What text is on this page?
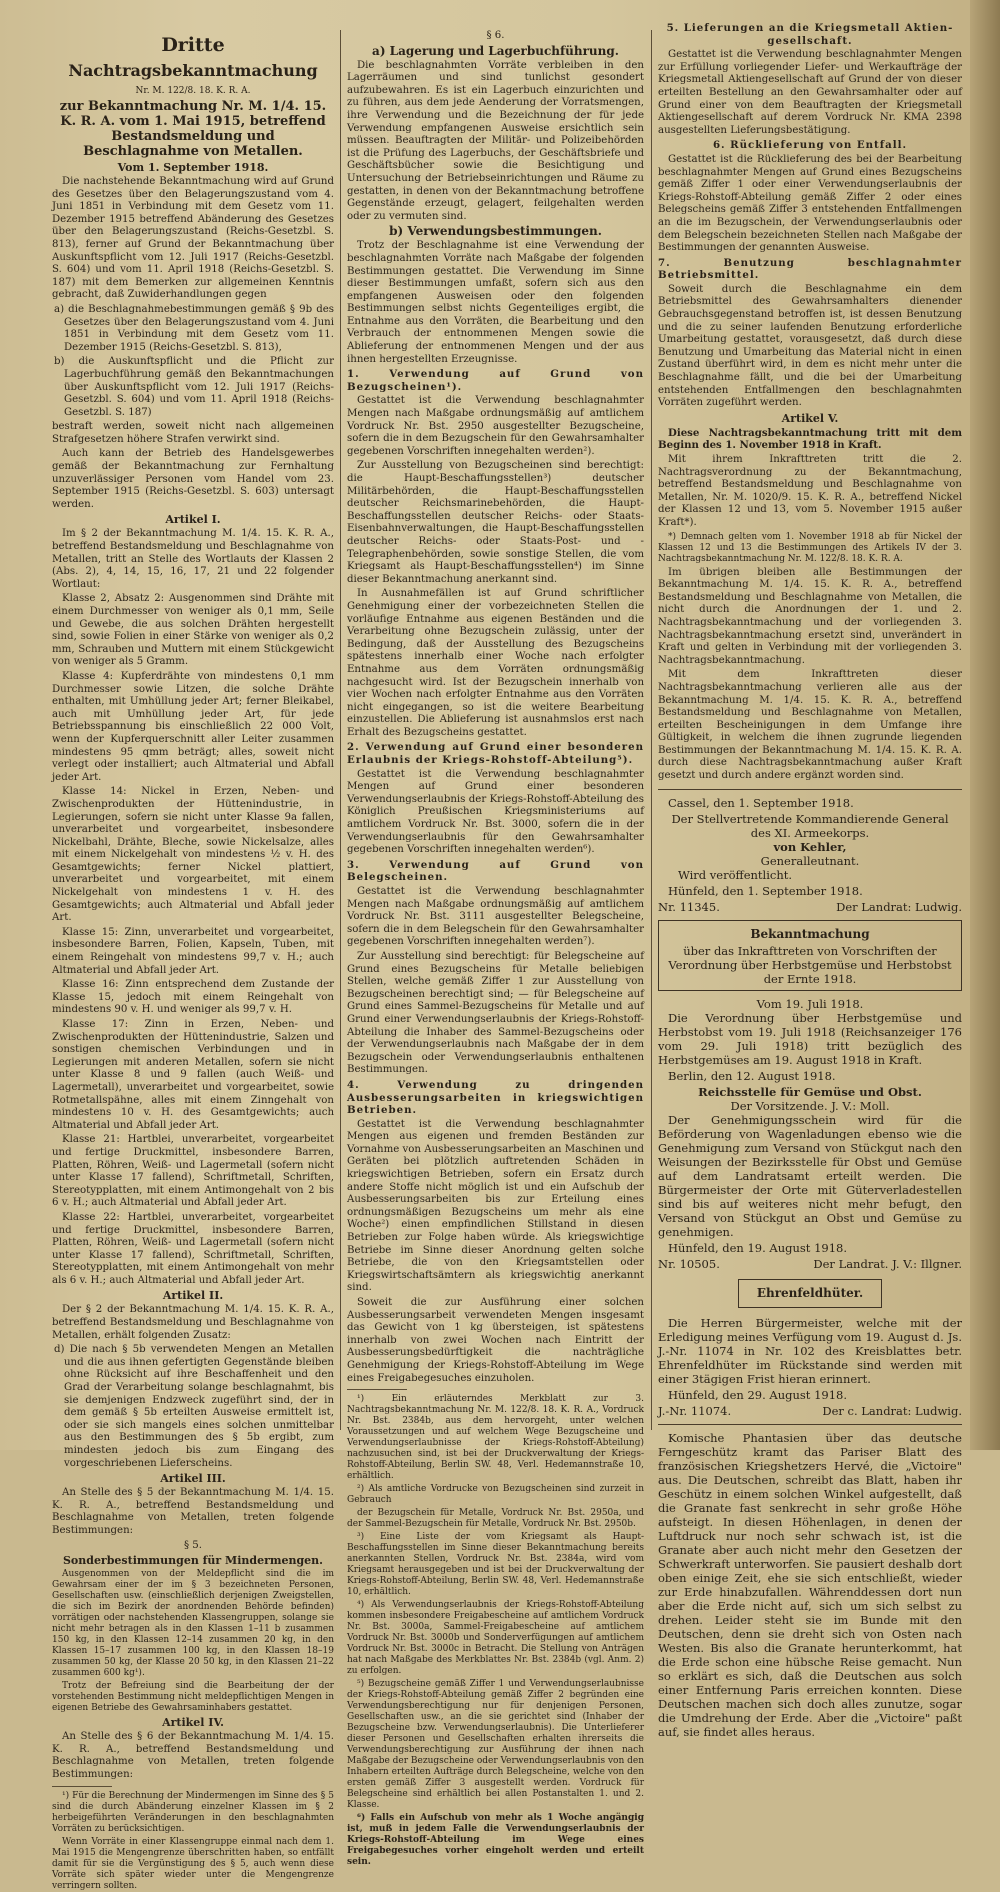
Dritte
Nachtragsbekanntmachung
Nr. M. 122/8. 18. K. R. A.
zur Bekanntmachung Nr. M. 1/4. 15. K. R. A. vom 1. Mai 1915, betreffend Bestandsmeldung und Beschlagnahme von Metallen.
Vom 1. September 1918.

Die nachstehende Bekanntmachung wird auf Grund des Gesetzes über den Belagerungszustand vom 4. Juni 1851 in Verbindung mit dem Gesetz vom 11. Dezember 1915 betreffend Abänderung des Gesetzes über den Belagerungszustand (Reichs-Gesetzbl. S. 813), ferner auf Grund der Bekanntmachung über Auskunftspflicht vom 12. Juli 1917 (Reichs-Gesetzbl. S. 604) und vom 11. April 1918 (Reichs-Gesetzbl. S. 187) mit dem Bemerken zur allgemeinen Kenntnis gebracht, daß Zuwiderhandlungen gegen

a) die Beschlagnahmebestimmungen gemäß § 9b des Gesetzes über den Belagerungszustand vom 4. Juni 1851 in Verbindung mit dem Gesetz vom 11. Dezember 1915 (Reichs-Gesetzbl. S. 813),

b) die Auskunftspflicht und die Pflicht zur Lagerbuchführung gemäß den Bekanntmachungen über Auskunftspflicht vom 12. Juli 1917 (Reichs-Gesetzbl. S. 604) und vom 11. April 1918 (Reichs-Gesetzbl. S. 187)

bestraft werden, soweit nicht nach allgemeinen Strafgesetzen höhere Strafen verwirkt sind.

Auch kann der Betrieb des Handelsgewerbes gemäß der Bekanntmachung zur Fernhaltung unzuverlässiger Personen vom Handel vom 23. September 1915 (Reichs-Gesetzbl. S. 603) untersagt werden.

Artikel I.

Im § 2 der Bekanntmachung M. 1/4. 15. K. R. A., betreffend Bestandsmeldung und Beschlagnahme von Metallen, tritt an Stelle des Wortlauts der Klassen 2 (Abs. 2), 4, 14, 15, 16, 17, 21 und 22 folgender Wortlaut:

Klasse 2, Absatz 2: Ausgenommen sind Drähte mit einem Durchmesser von weniger als 0,1 mm, Seile und Gewebe, die aus solchen Drähten hergestellt sind, sowie Folien in einer Stärke von weniger als 0,2 mm, Schrauben und Muttern mit einem Stückgewicht von weniger als 5 Gramm.

Klasse 4: Kupferdrähte von mindestens 0,1 mm Durchmesser sowie Litzen, die solche Drähte enthalten, mit Umhüllung jeder Art; ferner Bleikabel, auch mit Umhüllung jeder Art, für jede Betriebsspannung bis einschließlich 22 000 Volt, wenn der Kupferquerschnitt aller Leiter zusammen mindestens 95 qmm beträgt; alles, soweit nicht verlegt oder installiert; auch Altmaterial und Abfall jeder Art.

Klasse 14: Nickel in Erzen, Neben- und Zwischenprodukten der Hüttenindustrie, in Legierungen, sofern sie nicht unter Klasse 9a fallen, unverarbeitet und vorgearbeitet, insbesondere Nickelbahl, Drähte, Bleche, sowie Nickelsalze, alles mit einem Nickelgehalt von mindestens ½ v. H. des Gesamtgewichts; ferner Nickel plattiert, unverarbeitet und vorgearbeitet, mit einem Nickelgehalt von mindestens 1 v. H. des Gesamtgewichts; auch Altmaterial und Abfall jeder Art.

Klasse 15: Zinn, unverarbeitet und vorgearbeitet, insbesondere Barren, Folien, Kapseln, Tuben, mit einem Reingehalt von mindestens 99,7 v. H.; auch Altmaterial und Abfall jeder Art.

Klasse 16: Zinn entsprechend dem Zustande der Klasse 15, jedoch mit einem Reingehalt von mindestens 90 v. H. und weniger als 99,7 v. H.

Klasse 17: Zinn in Erzen, Neben- und Zwischenprodukten der Hüttenindustrie, Salzen und sonstigen chemischen Verbindungen und in Legierungen mit anderen Metallen, sofern sie nicht unter Klasse 8 und 9 fallen (auch Weiß- und Lagermetall), unverarbeitet und vorgearbeitet, sowie Rotmetallspähne, alles mit einem Zinngehalt von mindestens 10 v. H. des Gesamtgewichts; auch Altmaterial und Abfall jeder Art.

Klasse 21: Hartblei, unverarbeitet, vorgearbeitet und fertige Druckmittel, insbesondere Barren, Platten, Röhren, Weiß- und Lagermetall (sofern nicht unter Klasse 17 fallend), Schriftmetall, Schriften, Stereotypplatten, mit einem Antimongehalt von 2 bis 6 v. H.; auch Altmaterial und Abfall jeder Art.

Klasse 22: Hartblei, unverarbeitet, vorgearbeitet und fertige Druckmittel, insbesondere Barren, Platten, Röhren, Weiß- und Lagermetall (sofern nicht unter Klasse 17 fallend), Schriftmetall, Schriften, Stereotypplatten, mit einem Antimongehalt von mehr als 6 v. H.; auch Altmaterial und Abfall jeder Art.

Artikel II.

Der § 2 der Bekanntmachung M. 1/4. 15. K. R. A., betreffend Bestandsmeldung und Beschlagnahme von Metallen, erhält folgenden Zusatz:

d) Die nach § 5b verwendeten Mengen an Metallen und die aus ihnen gefertigten Gegenstände bleiben ohne Rücksicht auf ihre Beschaffenheit und den Grad der Verarbeitung solange beschlagnahmt, bis sie demjenigen Endzweck zugeführt sind, der in dem gemäß § 5b erteilten Ausweise ermittelt ist, oder sie sich mangels eines solchen unmittelbar aus den Bestimmungen des § 5b ergibt, zum mindesten jedoch bis zum Eingang des vorgeschriebenen Lieferscheins.

Artikel III.

An Stelle des § 5 der Bekanntmachung M. 1/4. 15. K. R. A., betreffend Bestandsmeldung und Beschlagnahme von Metallen, treten folgende Bestimmungen:

§ 5.
Sonderbestimmungen für Mindermengen.

Ausgenommen von der Meldepflicht sind die im Gewahrsam einer der im § 3 bezeichneten Personen, Gesellschaften usw. (einschließlich derjenigen Zweigstellen, die sich im Bezirk der anordnenden Behörde befinden) vorrätigen oder nachstehenden Klassengruppen, solange sie nicht mehr betragen als in den Klassen 1–11 b zusammen 150 kg, in den Klassen 12–14 zusammen 20 kg, in den Klassen 15–17 zusammen 100 kg, in den Klassen 18–19 zusammen 50 kg, der Klasse 20 50 kg, in den Klassen 21–22 zusammen 600 kg¹).

Trotz der Befreiung sind die Bearbeitung der der vorstehenden Bestimmung nicht meldepflichtigen Mengen in eigenen Betriebe des Gewahrsaminhabers gestattet.

Artikel IV.

An Stelle des § 6 der Bekanntmachung M. 1/4. 15. K. R. A., betreffend Bestandsmeldung und Beschlagnahme von Metallen, treten folgende Bestimmungen:

¹) Für die Berechnung der Mindermengen im Sinne des § 5 sind die durch Abänderung einzelner Klassen im § 2 herbeigeführten Veränderungen in den beschlagnahmten Vorräten zu berücksichtigen.

Wenn Vorräte in einer Klassengruppe einmal nach dem 1. Mai 1915 die Mengengrenze überschritten haben, so entfällt damit für sie die Vergünstigung des § 5, auch wenn diese Vorräte sich später wieder unter die Mengengrenze verringern sollten.

§ 6.
a) Lagerung und Lagerbuchführung.

Die beschlagnahmten Vorräte verbleiben in den Lagerräumen und sind tunlichst gesondert aufzubewahren. Es ist ein Lagerbuch einzurichten und zu führen, aus dem jede Aenderung der Vorratsmengen, ihre Verwendung und die Bezeichnung der für jede Verwendung empfangenen Ausweise ersichtlich sein müssen. Beauftragten der Militär- und Polizeibehörden ist die Prüfung des Lagerbuchs, der Geschäftsbriefe und Geschäftsbücher sowie die Besichtigung und Untersuchung der Betriebseinrichtungen und Räume zu gestatten, in denen von der Bekanntmachung betroffene Gegenstände erzeugt, gelagert, feilgehalten werden oder zu vermuten sind.

b) Verwendungsbestimmungen.

Trotz der Beschlagnahme ist eine Verwendung der beschlagnahmten Vorräte nach Maßgabe der folgenden Bestimmungen gestattet. Die Verwendung im Sinne dieser Bestimmungen umfaßt, sofern sich aus den empfangenen Ausweisen oder den folgenden Bestimmungen selbst nichts Gegenteiliges ergibt, die Entnahme aus den Vorräten, die Bearbeitung und den Verbrauch der entnommenen Mengen sowie die Ablieferung der entnommenen Mengen und der aus ihnen hergestellten Erzeugnisse.

1. Verwendung auf Grund von Bezugscheinen¹).

Gestattet ist die Verwendung beschlagnahmter Mengen nach Maßgabe ordnungsmäßig auf amtlichem Vordruck Nr. Bst. 2950 ausgestellter Bezugscheine, sofern die in dem Bezugschein für den Gewahrsamhalter gegebenen Vorschriften innegehalten werden²).

Zur Ausstellung von Bezugscheinen sind berechtigt: die Haupt-Beschaffungsstellen³) deutscher Militärbehörden, die Haupt-Beschaffungsstellen deutscher Reichsmarinebehörden, die Haupt-Beschaffungsstellen deutscher Reichs- oder Staats-Eisenbahnverwaltungen, die Haupt-Beschaffungsstellen deutscher Reichs- oder Staats-Post- und -Telegraphenbehörden, sowie sonstige Stellen, die vom Kriegsamt als Haupt-Beschaffungsstellen⁴) im Sinne dieser Bekanntmachung anerkannt sind.

In Ausnahmefällen ist auf Grund schriftlicher Genehmigung einer der vorbezeichneten Stellen die vorläufige Entnahme aus eigenen Beständen und die Verarbeitung ohne Bezugschein zulässig, unter der Bedingung, daß der Ausstellung des Bezugscheins spätestens innerhalb einer Woche nach erfolgter Entnahme aus dem Vorräten ordnungsmäßig nachgesucht wird. Ist der Bezugschein innerhalb von vier Wochen nach erfolgter Entnahme aus den Vorräten nicht eingegangen, so ist die weitere Bearbeitung einzustellen. Die Ablieferung ist ausnahmslos erst nach Erhalt des Bezugscheins gestattet.

2. Verwendung auf Grund einer besonderen Erlaubnis der Kriegs-Rohstoff-Abteilung⁵).

Gestattet ist die Verwendung beschlagnahmter Mengen auf Grund einer besonderen Verwendungserlaubnis der Kriegs-Rohstoff-Abteilung des Königlich Preußischen Kriegsministeriums auf amtlichem Vordruck Nr. Bst. 3000, sofern die in der Verwendungserlaubnis für den Gewahrsamhalter gegebenen Vorschriften innegehalten werden⁶).

3. Verwendung auf Grund von Belegscheinen.

Gestattet ist die Verwendung beschlagnahmter Mengen nach Maßgabe ordnungsmäßig auf amtlichem Vordruck Nr. Bst. 3111 ausgestellter Belegscheine, sofern die in dem Belegschein für den Gewahrsamhalter gegebenen Vorschriften innegehalten werden⁷).

Zur Ausstellung sind berechtigt: für Belegscheine auf Grund eines Bezugscheins für Metalle beliebigen Stellen, welche gemäß Ziffer 1 zur Ausstellung von Bezugscheinen berechtigt sind; — für Belegscheine auf Grund eines Sammel-Bezugscheins für Metalle und auf Grund einer Verwendungserlaubnis der Kriegs-Rohstoff-Abteilung die Inhaber des Sammel-Bezugscheins oder der Verwendungserlaubnis nach Maßgabe der in dem Bezugschein oder Verwendungserlaubnis enthaltenen Bestimmungen.

4. Verwendung zu dringenden Ausbesserungsarbeiten in kriegswichtigen Betrieben.

Gestattet ist die Verwendung beschlagnahmter Mengen aus eigenen und fremden Beständen zur Vornahme von Ausbesserungsarbeiten an Maschinen und Geräten bei plötzlich auftretenden Schäden in kriegswichtigen Betrieben, sofern ein Ersatz durch andere Stoffe nicht möglich ist und ein Aufschub der Ausbesserungsarbeiten bis zur Erteilung eines ordnungsmäßigen Bezugscheins um mehr als eine Woche²) einen empfindlichen Stillstand in diesen Betrieben zur Folge haben würde. Als kriegswichtige Betriebe im Sinne dieser Anordnung gelten solche Betriebe, die von den Kriegsamtstellen oder Kriegswirtschaftsämtern als kriegswichtig anerkannt sind.

Soweit die zur Ausführung einer solchen Ausbesserungsarbeit verwendeten Mengen insgesamt das Gewicht von 1 kg übersteigen, ist spätestens innerhalb von zwei Wochen nach Eintritt der Ausbesserungsbedürftigkeit die nachträgliche Genehmigung der Kriegs-Rohstoff-Abteilung im Wege eines Freigabegesuches einzuholen.

¹) Ein erläuterndes Merkblatt zur 3. Nachtragsbekanntmachung Nr. M. 122/8. 18. K. R. A., Vordruck Nr. Bst. 2384b, aus dem hervorgeht, unter welchen Voraussetzungen und auf welchem Wege Bezugscheine und Verwendungserlaubnisse der Kriegs-Rohstoff-Abteilung) nachzusuchen sind, ist bei der Druckverwaltung der Kriegs-Rohstoff-Abteilung, Berlin SW. 48, Verl. Hedemannstraße 10, erhältlich.

²) Als amtliche Vordrucke von Bezugscheinen sind zurzeit in Gebrauch

der Bezugschein für Metalle, Vordruck Nr. Bst. 2950a, und der Sammel-Bezugschein für Metalle, Vordruck Nr. Bst. 2950b.

³) Eine Liste der vom Kriegsamt als Haupt-Beschaffungsstellen im Sinne dieser Bekanntmachung bereits anerkannten Stellen, Vordruck Nr. Bst. 2384a, wird vom Kriegsamt herausgegeben und ist bei der Druckverwaltung der Kriegs-Rohstoff-Abteilung, Berlin SW. 48, Verl. Hedemannstraße 10, erhältlich.

⁴) Als Verwendungserlaubnis der Kriegs-Rohstoff-Abteilung kommen insbesondere Freigabescheine auf amtlichem Vordruck Nr. Bst. 3000a, Sammel-Freigabescheine auf amtlichem Vordruck Nr. Bst. 3000b und Sonderverfügungen auf amtlichem Vordruck Nr. Bst. 3000c in Betracht. Die Stellung von Anträgen hat nach Maßgabe des Merkblattes Nr. Bst. 2384b (vgl. Anm. 2) zu erfolgen.

⁵) Bezugscheine gemäß Ziffer 1 und Verwendungserlaubnisse der Kriegs-Rohstoff-Abteilung gemäß Ziffer 2 begründen eine Verwendungsberechtigung nur für denjenigen Personen, Gesellschaften usw., an die sie gerichtet sind (Inhaber der Bezugscheine bzw. Verwendungserlaubnis). Die Unterlieferer dieser Personen und Gesellschaften erhalten ihrerseits die Verwendungsberechtigung zur Ausführung der ihnen nach Maßgabe der Bezugscheine oder Verwendungserlaubnis von den Inhabern erteilten Aufträge durch Belegscheine, welche von den ersten gemäß Ziffer 3 ausgestellt werden. Vordruck für Belegscheine sind erhältlich bei allen Postanstalten 1. und 2. Klasse.

⁶) Falls ein Aufschub von mehr als 1 Woche angängig ist, muß in jedem Falle die Verwendungserlaubnis der Kriegs-Rohstoff-Abteilung im Wege eines Freigabegesuches vorher eingeholt werden und erteilt sein.

5. Lieferungen an die Kriegsmetall Aktien-gesellschaft.

Gestattet ist die Verwendung beschlagnahmter Mengen zur Erfüllung vorliegender Liefer- und Werkaufträge der Kriegsmetall Aktiengesellschaft auf Grund der von dieser erteilten Bestellung an den Gewahrsamhalter oder auf Grund einer von dem Beauftragten der Kriegsmetall Aktiengesellschaft auf derem Vordruck Nr. KMA 2398 ausgestellten Lieferungsbestätigung.

6. Rücklieferung von Entfall.

Gestattet ist die Rücklieferung des bei der Bearbeitung beschlagnahmter Mengen auf Grund eines Bezugscheins gemäß Ziffer 1 oder einer Verwendungserlaubnis der Kriegs-Rohstoff-Abteilung gemäß Ziffer 2 oder eines Belegscheins gemäß Ziffer 3 entstehenden Entfallmengen an die im Bezugschein, der Verwendungserlaubnis oder dem Belegschein bezeichneten Stellen nach Maßgabe der Bestimmungen der genannten Ausweise.

7. Benutzung beschlagnahmter Betriebsmittel.

Soweit durch die Beschlagnahme ein dem Betriebsmittel des Gewahrsamhalters dienender Gebrauchsgegenstand betroffen ist, ist dessen Benutzung und die zu seiner laufenden Benutzung erforderliche Umarbeitung gestattet, vorausgesetzt, daß durch diese Benutzung und Umarbeitung das Material nicht in einen Zustand überführt wird, in dem es nicht mehr unter die Beschlagnahme fällt, und die bei der Umarbeitung entstehenden Entfallmengen den beschlagnahmten Vorräten zugeführt werden.

Artikel V.

Diese Nachtragsbekanntmachung tritt mit dem Beginn des 1. November 1918 in Kraft.

Mit ihrem Inkrafttreten tritt die 2. Nachtragsverordnung zu der Bekanntmachung, betreffend Bestandsmeldung und Beschlagnahme von Metallen, Nr. M. 1020/9. 15. K. R. A., betreffend Nickel der Klassen 12 und 13, vom 5. November 1915 außer Kraft*).

*) Demnach gelten vom 1. November 1918 ab für Nickel der Klassen 12 und 13 die Bestimmungen des Artikels IV der 3. Nachtragsbekanntmachung Nr. M. 122/8. 18. K. R. A.

Im übrigen bleiben alle Bestimmungen der Bekanntmachung M. 1/4. 15. K. R. A., betreffend Bestandsmeldung und Beschlagnahme von Metallen, die nicht durch die Anordnungen der 1. und 2. Nachtragsbekanntmachung und der vorliegenden 3. Nachtragsbekanntmachung ersetzt sind, unverändert in Kraft und gelten in Verbindung mit der vorliegenden 3. Nachtragsbekanntmachung.

Mit dem Inkrafttreten dieser Nachtragsbekanntmachung verlieren alle aus der Bekanntmachung M. 1/4. 15. K. R. A., betreffend Bestandsmeldung und Beschlagnahme von Metallen, erteilten Bescheinigungen in dem Umfange ihre Gültigkeit, in welchem die ihnen zugrunde liegenden Bestimmungen der Bekanntmachung M. 1/4. 15. K. R. A. durch diese Nachtragsbekanntmachung außer Kraft gesetzt und durch andere ergänzt worden sind.

Cassel, den 1. September 1918.

Der Stellvertretende Kommandierende General
des XI. Armeekorps.
von Kehler,
Generalleutnant.

Wird veröffentlicht.

Hünfeld, den 1. September 1918.

Nr. 11345.	Der Landrat: Ludwig.
Bekanntmachung
über das Inkrafttreten von Vorschriften der Verordnung über Herbstgemüse und Herbstobst der Ernte 1918.
Vom 19. Juli 1918.

Die Verordnung über Herbstgemüse und Herbstobst vom 19. Juli 1918 (Reichsanzeiger 176 vom 29. Juli 1918) tritt bezüglich des Herbstgemüses am 19. August 1918 in Kraft.

Berlin, den 12. August 1918.

Reichsstelle für Gemüse und Obst.
Der Vorsitzende. J. V.: Moll.

Der Genehmigungsschein wird für die Beförderung von Wagenladungen ebenso wie die Genehmigung zum Versand von Stückgut nach den Weisungen der Bezirksstelle für Obst und Gemüse auf dem Landratsamt erteilt werden. Die Bürgermeister der Orte mit Güterverladestellen sind bis auf weiteres nicht mehr befugt, den Versand von Stückgut an Obst und Gemüse zu genehmigen.

Hünfeld, den 19. August 1918.

Nr. 10505.	Der Landrat. J. V.: Illgner.
Ehrenfeldhüter.

Die Herren Bürgermeister, welche mit der Erledigung meines Verfügung vom 19. August d. Js. J.-Nr. 11074 in Nr. 102 des Kreisblattes betr. Ehrenfeldhüter im Rückstande sind werden mit einer 3tägigen Frist hieran erinnert.

Hünfeld, den 29. August 1918.

J.-Nr. 11074.	Der c. Landrat: Ludwig.

Komische Phantasien über das deutsche Ferngeschütz kramt das Pariser Blatt des französischen Kriegshetzers Hervé, die „Victoire" aus. Die Deutschen, schreibt das Blatt, haben ihr Geschütz in einem solchen Winkel aufgestellt, daß die Granate fast senkrecht in sehr große Höhe aufsteigt. In diesen Höhenlagen, in denen der Luftdruck nur noch sehr schwach ist, ist die Granate aber auch nicht mehr den Gesetzen der Schwerkraft unterworfen. Sie pausiert deshalb dort oben einige Zeit, ehe sie sich entschließt, wieder zur Erde hinabzufallen. Währenddessen dort nun aber die Erde nicht auf, sich um sich selbst zu drehen. Leider steht sie im Bunde mit den Deutschen, denn sie dreht sich von Osten nach Westen. Bis also die Granate herunterkommt, hat die Erde schon eine hübsche Reise gemacht. Nun so erklärt es sich, daß die Deutschen aus solch einer Entfernung Paris erreichen konnten. Diese Deutschen machen sich doch alles zunutze, sogar die Umdrehung der Erde. Aber die „Victoire" paßt auf, sie findet alles heraus.
